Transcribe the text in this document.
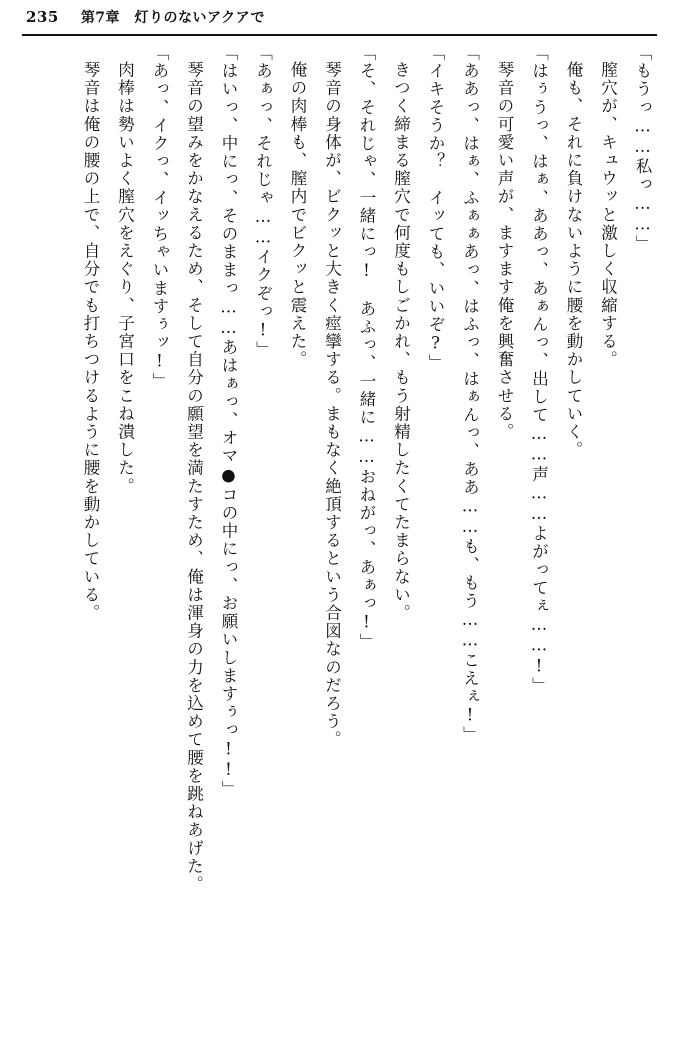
235 第7章　灯りのないアクアで

「もうっ……私っ……」

膣穴が、キュウッと激しく収縮する。

俺も、それに負けないように腰を動かしていく。

「はぅうっ、はぁ、ああっ、あぁんっ、出して……声……よがってぇ……!」

琴音の可愛い声が、ますます俺を興奮させる。

「ああっ、はぁ、ふぁぁあっ、はふっ、はぁんっ、ああ……も、もう……こえぇ!」

「イキそうか？　イッても、いいぞ?」

きつく締まる膣穴で何度もしごかれ、もう射精したくてたまらない。

「そ、それじゃ、一緒にっ!　あふっ、一緒に……おねがっ、あぁっ!」

琴音の身体が、ビクッと大きく痙攣する。まもなく絶頂するという合図なのだろう。

俺の肉棒も、膣内でビクッと震えた。

「あぁっ、それじゃ……イクぞっ!」

「はいっ、中にっ、そのままっ……あはぁっ、オマ●コの中にっ、お願いしますぅっ!!」

琴音の望みをかなえるため、そして自分の願望を満たすため、俺は渾身の力を込めて腰を跳ねあげた。

「あっ、イクっ、イッちゃいますぅッ!」

肉棒は勢いよく膣穴をえぐり、子宮口をこね潰した。

琴音は俺の腰の上で、自分でも打ちつけるように腰を動かしている。
